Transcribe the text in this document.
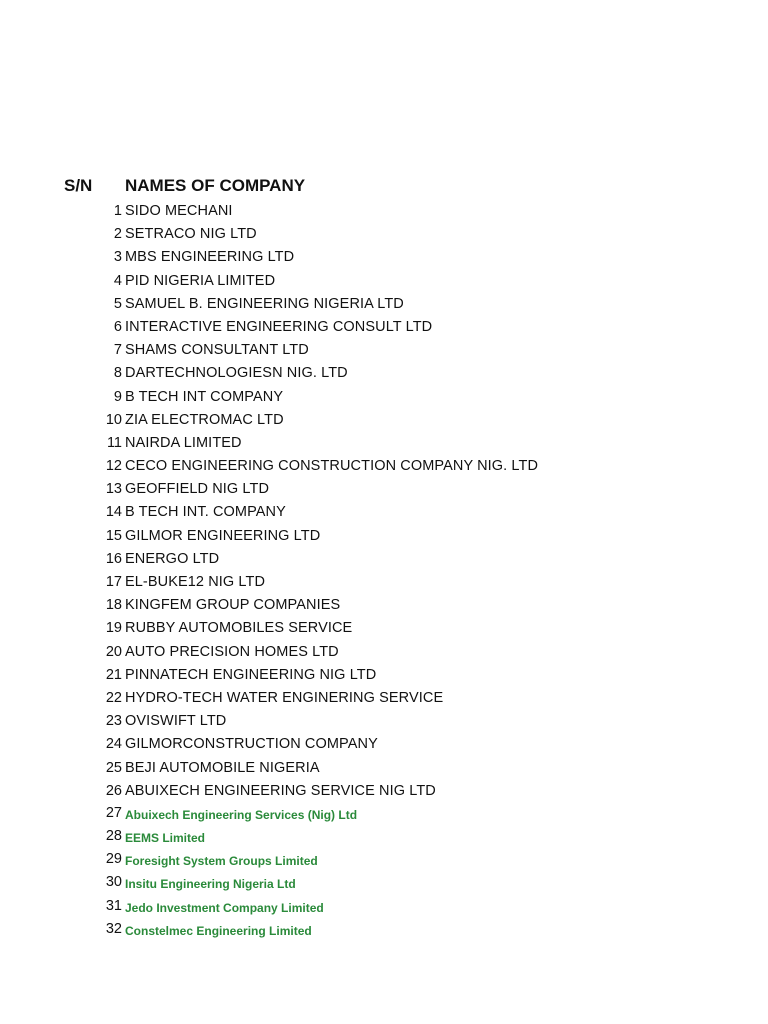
S/N NAMES OF COMPANY
1 SIDO MECHANI
2 SETRACO NIG LTD
3 MBS ENGINEERING LTD
4 PID NIGERIA LIMITED
5 SAMUEL B. ENGINEERING NIGERIA LTD
6 INTERACTIVE ENGINEERING CONSULT LTD
7 SHAMS CONSULTANT LTD
8 DARTECHNOLOGIESN NIG. LTD
9 B TECH INT COMPANY
10 ZIA ELECTROMAC LTD
11 NAIRDA LIMITED
12 CECO ENGINEERING CONSTRUCTION COMPANY NIG. LTD
13 GEOFFIELD NIG LTD
14 B TECH INT. COMPANY
15 GILMOR ENGINEERING LTD
16 ENERGO LTD
17 EL-BUKE12 NIG LTD
18 KINGFEM GROUP COMPANIES
19 RUBBY AUTOMOBILES SERVICE
20 AUTO PRECISION HOMES LTD
21 PINNATECH ENGINEERING NIG LTD
22 HYDRO-TECH WATER ENGINERING SERVICE
23 OVISWIFT LTD
24 GILMORCONSTRUCTION COMPANY
25 BEJI AUTOMOBILE NIGERIA
26 ABUIXECH ENGINEERING SERVICE NIG LTD
27 Abuixech Engineering Services (Nig) Ltd
28 EEMS Limited
29 Foresight System Groups Limited
30 Insitu Engineering Nigeria Ltd
31 Jedo Investment Company Limited
32 Constelmec Engineering Limited
